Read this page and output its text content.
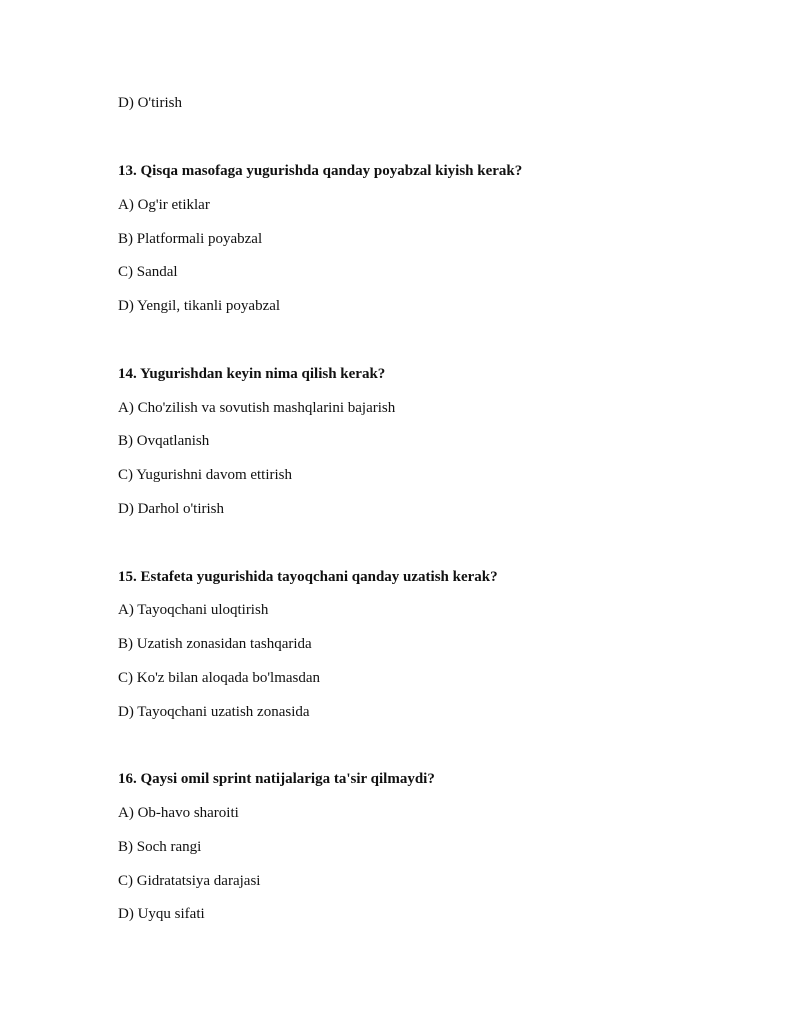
D) O'tirish
13. Qisqa masofaga yugurishda qanday poyabzal kiyish kerak?
A) Og'ir etiklar
B) Platformali poyabzal
C) Sandal
D) Yengil, tikanli poyabzal
14. Yugurishdan keyin nima qilish kerak?
A) Cho'zilish va sovutish mashqlarini bajarish
B) Ovqatlanish
C) Yugurishni davom ettirish
D) Darhol o'tirish
15. Estafeta yugurishida tayoqchani qanday uzatish kerak?
A) Tayoqchani uloqtirish
B) Uzatish zonasidan tashqarida
C) Ko'z bilan aloqada bo'lmasdan
D) Tayoqchani uzatish zonasida
16. Qaysi omil sprint natijalariga ta'sir qilmaydi?
A) Ob-havo sharoiti
B) Soch rangi
C) Gidratatsiya darajasi
D) Uyqu sifati
